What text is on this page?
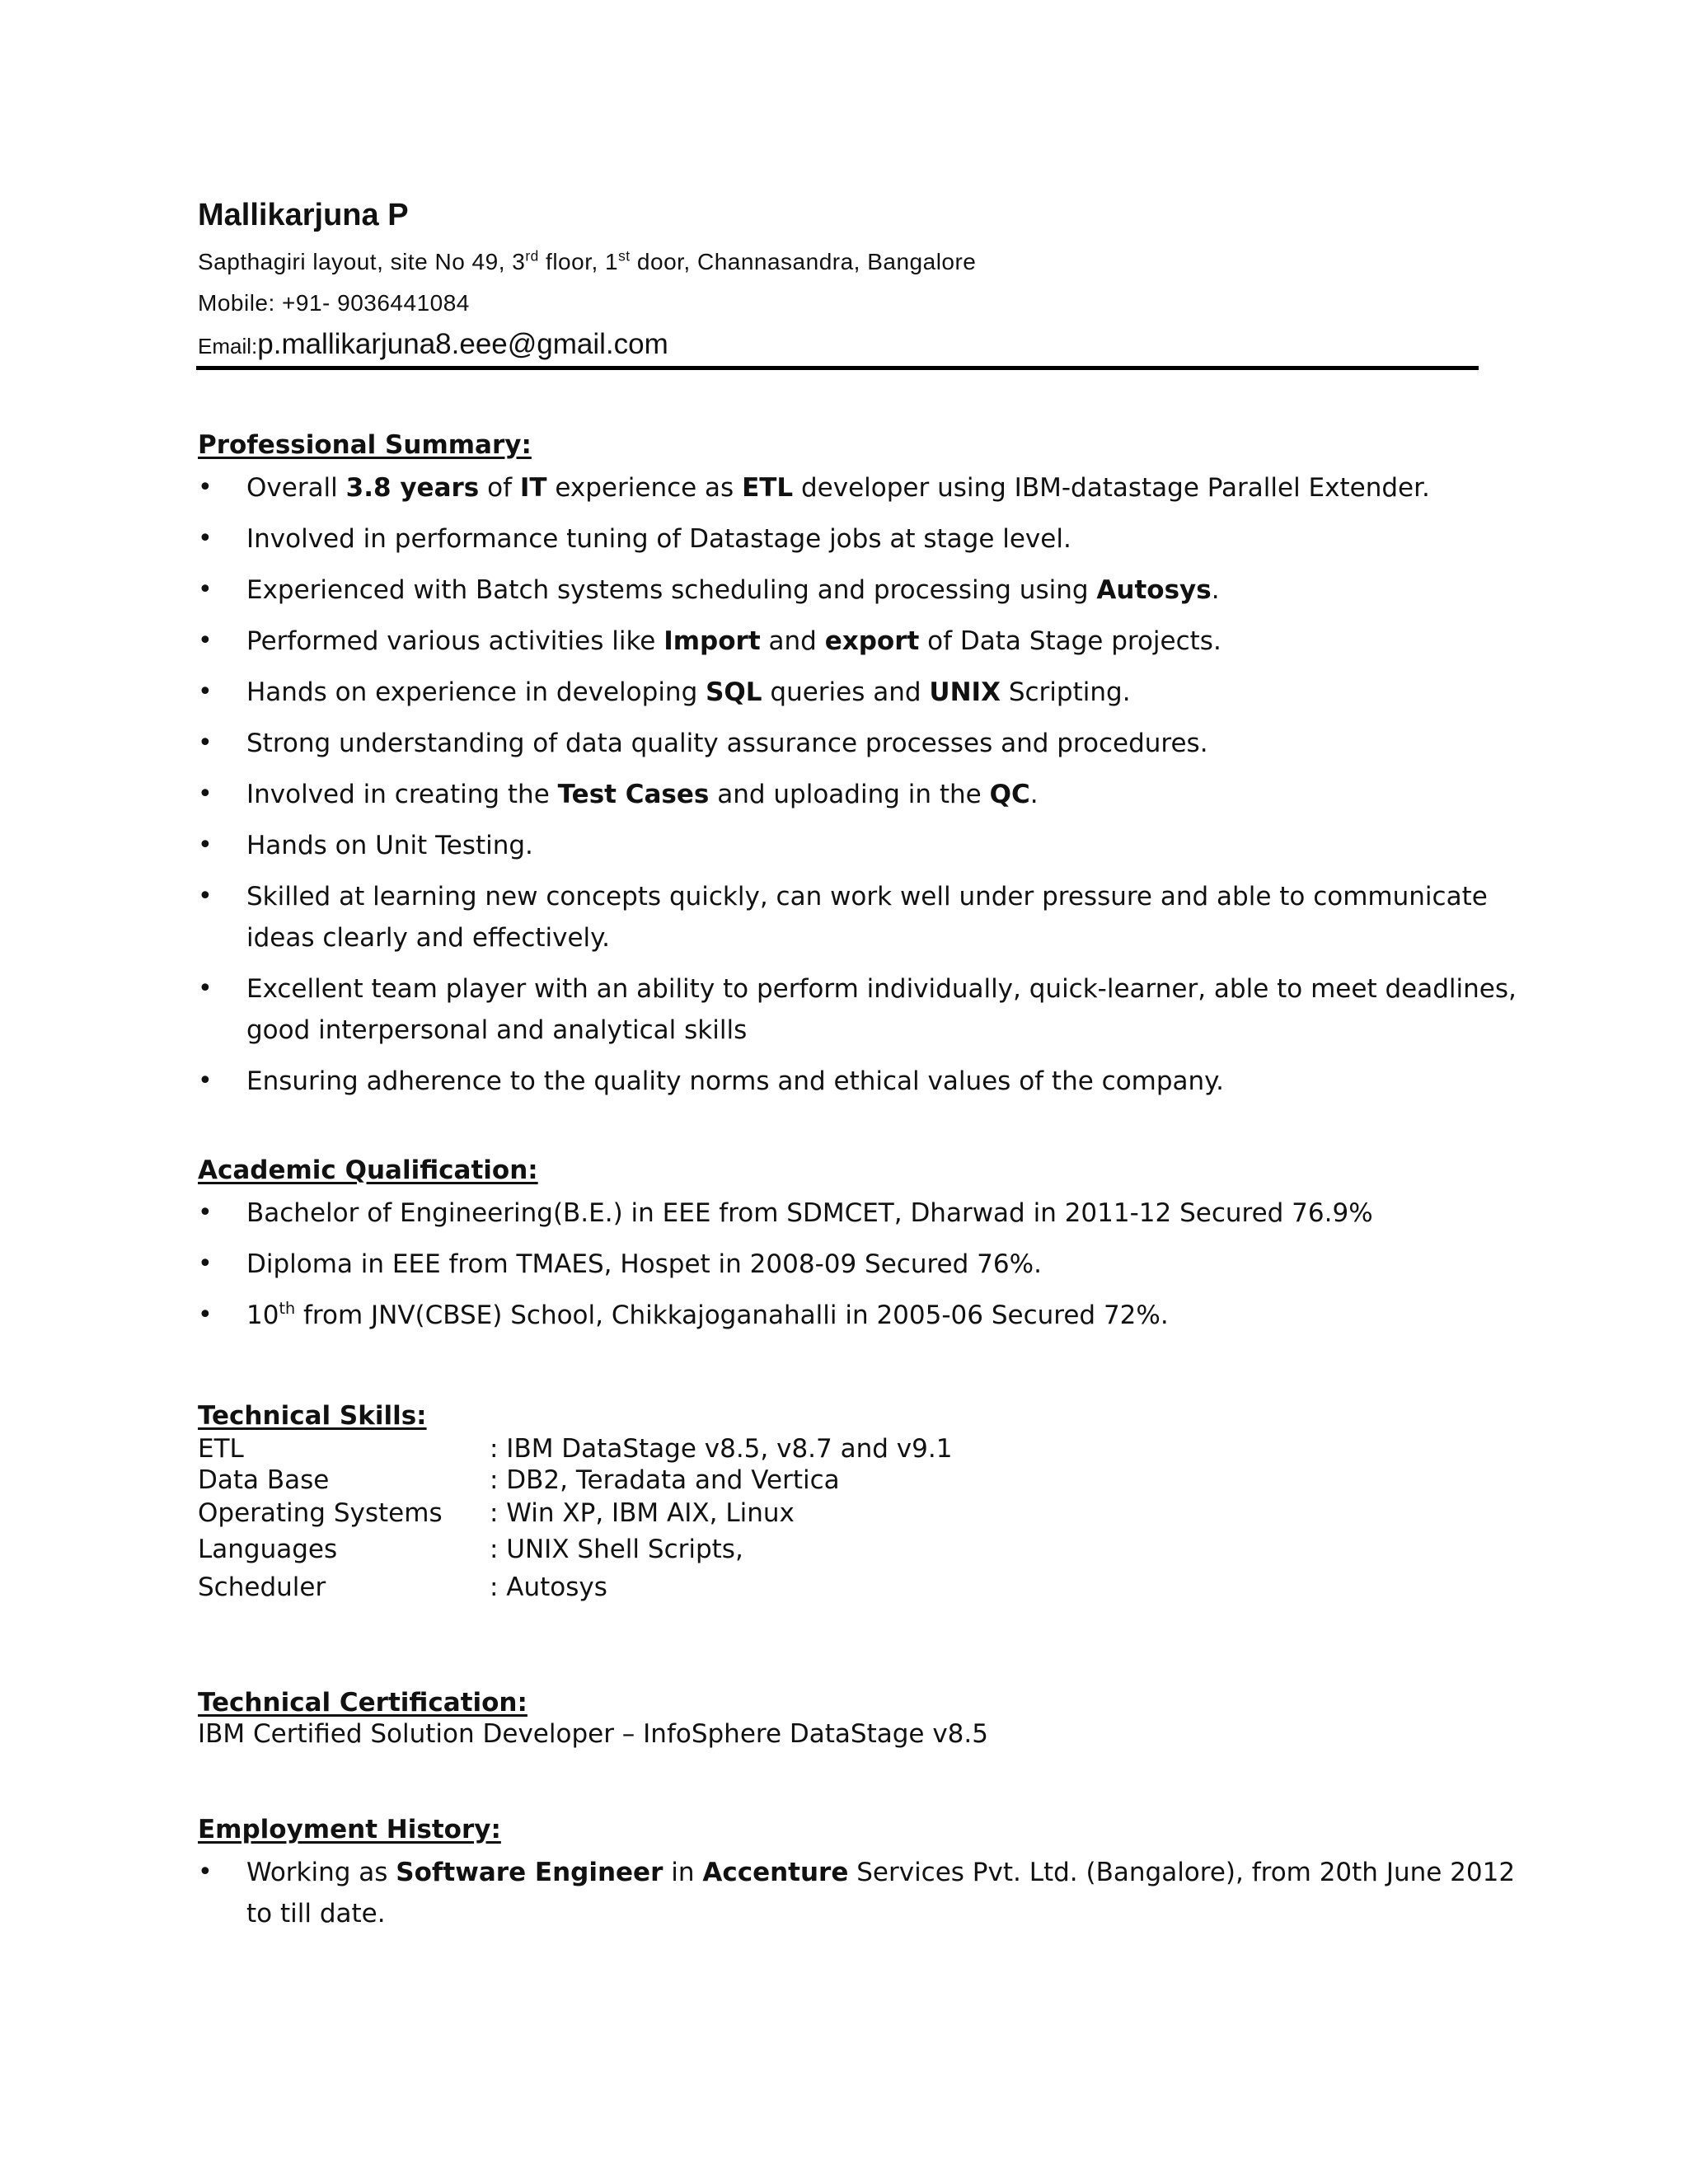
Mallikarjuna P
Sapthagiri layout, site No 49, 3rd floor, 1st door, Channasandra, Bangalore
Mobile: +91- 9036441084
Email:p.mallikarjuna8.eee@gmail.com
Professional Summary:
• Overall 3.8 years of IT experience as ETL developer using IBM-datastage Parallel Extender.
• Involved in performance tuning of Datastage jobs at stage level.
• Experienced with Batch systems scheduling and processing using Autosys.
• Performed various activities like Import and export of Data Stage projects.
• Hands on experience in developing SQL queries and UNIX Scripting.
• Strong understanding of data quality assurance processes and procedures.
• Involved in creating the Test Cases and uploading in the QC.
• Hands on Unit Testing.
• Skilled at learning new concepts quickly, can work well under pressure and able to communicate ideas clearly and effectively.
• Excellent team player with an ability to perform individually, quick-learner, able to meet deadlines, good interpersonal and analytical skills
• Ensuring adherence to the quality norms and ethical values of the company.
Academic Qualification:
• Bachelor of Engineering(B.E.) in EEE from SDMCET, Dharwad in 2011-12 Secured 76.9%
• Diploma in EEE from TMAES, Hospet in 2008-09 Secured 76%.
• 10th from JNV(CBSE) School, Chikkajoganahalli in 2005-06 Secured 72%.
Technical Skills:
ETL	: IBM DataStage v8.5, v8.7 and v9.1
Data Base	: DB2, Teradata and Vertica
Operating Systems : Win XP, IBM AIX, Linux
Languages	: UNIX Shell Scripts,
Scheduler	: Autosys
Technical Certification:
IBM Certified Solution Developer – InfoSphere DataStage v8.5
Employment History:
• Working as Software Engineer in Accenture Services Pvt. Ltd. (Bangalore), from 20th June 2012 to till date.
